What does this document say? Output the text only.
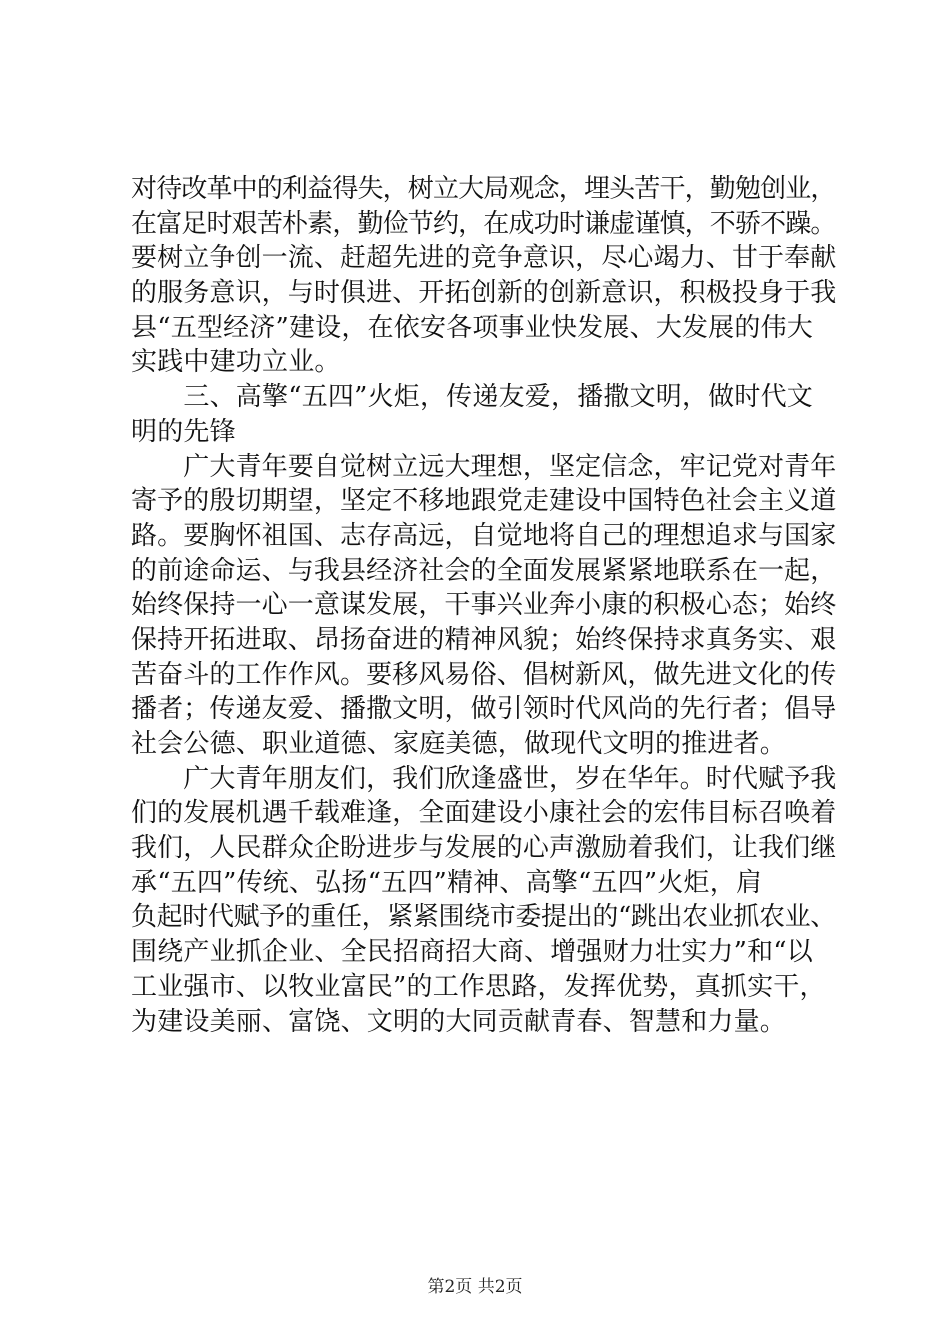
对待改革中的利益得失，树立大局观念，埋头苦干，勤勉创业，
在富足时艰苦朴素，勤俭节约，在成功时谦虚谨慎，不骄不躁。
要树立争创一流、赶超先进的竞争意识，尽心竭力、甘于奉献
的服务意识，与时俱进、开拓创新的创新意识，积极投身于我
县“五型经济”建设，在依安各项事业快发展、大发展的伟大
实践中建功立业。
　　三、高擎“五四”火炬，传递友爱，播撒文明，做时代文
明的先锋
　　广大青年要自觉树立远大理想，坚定信念，牢记党对青年
寄予的殷切期望，坚定不移地跟党走建设中国特色社会主义道
路。要胸怀祖国、志存高远，自觉地将自己的理想追求与国家
的前途命运、与我县经济社会的全面发展紧紧地联系在一起，
始终保持一心一意谋发展，干事兴业奔小康的积极心态；始终
保持开拓进取、昂扬奋进的精神风貌；始终保持求真务实、艰
苦奋斗的工作作风。要移风易俗、倡树新风，做先进文化的传
播者；传递友爱、播撒文明，做引领时代风尚的先行者；倡导
社会公德、职业道德、家庭美德，做现代文明的推进者。
　　广大青年朋友们，我们欣逢盛世，岁在华年。时代赋予我
们的发展机遇千载难逢，全面建设小康社会的宏伟目标召唤着
我们，人民群众企盼进步与发展的心声激励着我们，让我们继
承“五四”传统、弘扬“五四”精神、高擎“五四”火炬，肩
负起时代赋予的重任，紧紧围绕市委提出的“跳出农业抓农业、
围绕产业抓企业、全民招商招大商、增强财力壮实力”和“以
工业强市、以牧业富民”的工作思路，发挥优势，真抓实干，
为建设美丽、富饶、文明的大同贡献青春、智慧和力量。
第2页 共2页
